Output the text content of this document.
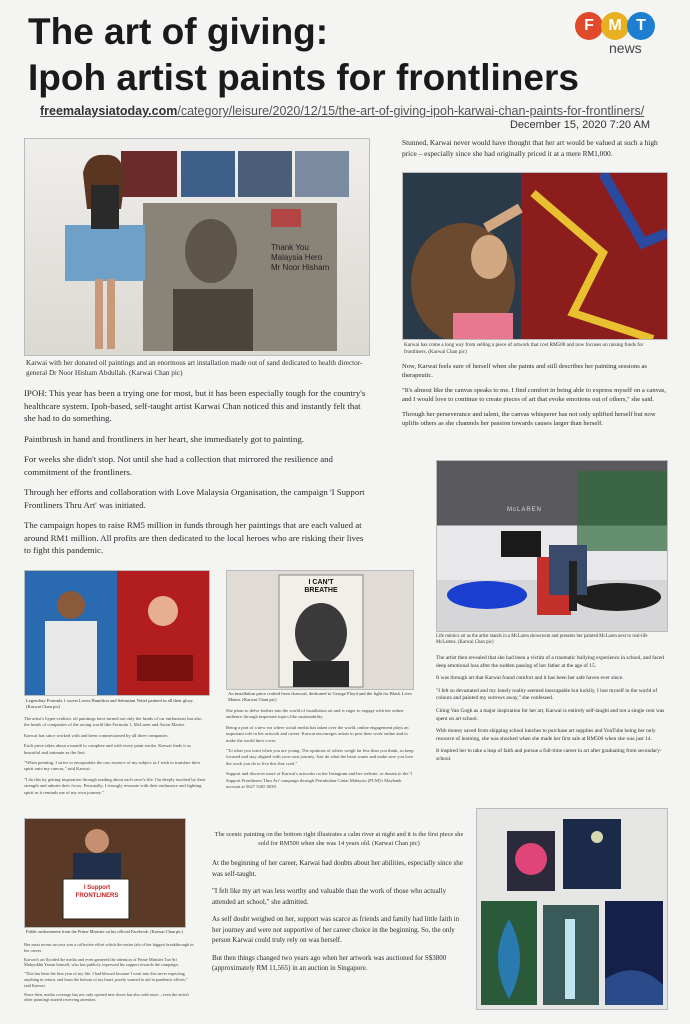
The art of giving:
Ipoh artist paints for frontliners
F M T
news
freemalaysiatoday.com/category/leisure/2020/12/15/the-art-of-giving-ipoh-karwai-chan-paints-for-frontliners/
December 15, 2020 7:20 AM
Thank You Malaysia Hero Mr Noor Hisham
Karwai with her donated oil paintings and an enormous art installation made out of sand dedicated to health director-general Dr Noor Hisham Abdullah. (Karwai Chan pic)

IPOH: This year has been a trying one for most, but it has been especially tough for the country's healthcare system. Ipoh-based, self-taught artist Karwai Chan noticed this and instantly felt that she had to do something.

Paintbrush in hand and frontliners in her heart, she immediately got to painting.

For weeks she didn't stop. Not until she had a collection that mirrored the resilience and commitment of the frontliners.

Through her efforts and collaboration with Love Malaysia Organisation, the campaign 'I Support Frontliners Thru Art' was initiated.

The campaign hopes to raise RM5 million in funds through her paintings that are each valued at around RM1 million. All profits are then dedicated to the local heroes who are risking their lives to fight this pandemic.

Stunned, Karwai never would have thought that her art would be valued at such a high price – especially since she had originally priced it at a mere RM1,000.

Karwai has come a long way from selling a piece of artwork that cost RM500 and now focuses on raising funds for frontliners. (Karwai Chan pic)

Now, Karwai feels sure of herself when she paints and still describes her painting sessions as therapeutic.

"It's almost like the canvas speaks to me. I find comfort in being able to express myself on a canvas, and I would love to continue to create pieces of art that evoke emotions out of others," she said.

Through her perseverance and talent, the canvas whisperer has not only uplifted herself but now uplifts others as she channels her passion towards causes larger than herself.

McLAREN
Life mimics art as the artist stands in a McLaren showroom and presents her painted McLaren next to real-life McLarens. (Karwai Chan pic)

The artist then revealed that she had been a victim of a traumatic bullying experience in school, and faced deep emotional loss after the sudden passing of her father at the age of 15.

It was through art that Karwai found comfort and it has been her safe haven ever since.

"I felt so devastated and my lonely reality seemed inescapable but luckily, I lost myself in the world of colours and painted my sorrows away," she confessed.

Citing Van Gogh as a major inspiration for her art, Karwai is entirely self-taught and not a single cent was spent on art school.

With money saved from skipping school lunches to purchase art supplies and YouTube being her only resource of learning, she was shocked when she made her first sale at RM500 when she was just 14.

It inspired her to take a leap of faith and pursue a full-time career in art after graduating from secondary-school.

Legendary Formula 1 racers Lewis Hamilton and Sebastian Vettel painted in all their glory. (Karwai Chan pic)

The artist's hyper-realistic oil paintings have turned not only the heads of car enthusiasts but also the heads of companies of the racing world like Formula 1, McLaren and Aston Martin.

Karwai has since worked with and been commissioned by all three companies.

Each piece takes about a month to complete and with every paint stroke, Karwai finds it as beautiful and intimate as the first.

"When painting, I strive to encapsulate the raw essence of my subject as I wish to translate their spirit onto my canvas," said Karwai.

"I do this by getting inspiration through reading about each racer's life. I'm deeply touched by their strength and admire their focus. Personally, I strongly resonate with their endurance and fighting spirit as it reminds me of my own journey."

I CAN'T BREATHE
An installation piece crafted from charcoal, dedicated to George Floyd and the fight for Black Lives Matter. (Karwai Chan pic)

She plans to delve further into the world of installation art and is eager to engage with her online audience through important topics like sustainability.

Being a part of a new era where social media has taken over the world, online engagement plays an important role in her artwork and career. Karwai encourages artists to post their work online and to make the world their cover.

"To what you want when you are young. The opinions of others weigh far less than you think, so keep focused and stay aligned with your own journey. Just do what the heart wants and make sure you love the work you do to live this fine craft."

Support and discover more of Karwai's artworks on her Instagram and her website, or donate to the 'I Support Frontliners Thru Art' campaign through Pertubuhan Cintai Malaysia (PCM)'s Maybank account at 5627 5365 0039.

I Support
FRONTLINERS
Public endorsement from the Prime Minister on his official Facebook. (Karwai Chan pic)

Her most recent success was a collective effort which the entire tale of her biggest breakthrough in her career.

Karwai's art flooded the media and even garnered the attention of Prime Minister Tan Sri Muhyiddin Yassin himself, who has publicly expressed his support towards the campaign.

"This has been the best year of my life. I had blessed because I went into this never expecting anything in return, and from the bottom of my heart, purely wanted to aid in pandemic efforts," said Karwai.

Since then, media coverage has not only opened new doors but also sold more – even the artist's other paintings started receiving attention.

The scenic painting on the bottom right illustrates a calm river at night and it is the first piece she sold for RM500 when she was 14 years old. (Karwai Chan pic)

At the beginning of her career, Karwai had doubts about her abilities, especially since she was self-taught.

"I felt like my art was less worthy and valuable than the work of those who actually attended art school," she admitted.

As self doubt weighed on her, support was scarce as friends and family had little faith in her journey and were not supportive of her career choice in the beginning. So, the only person Karwai could truly rely on was herself.

But then things changed two years ago when her artwork was auctioned for S$3800 (approximately RM 11,565) in an auction in Singapore.
